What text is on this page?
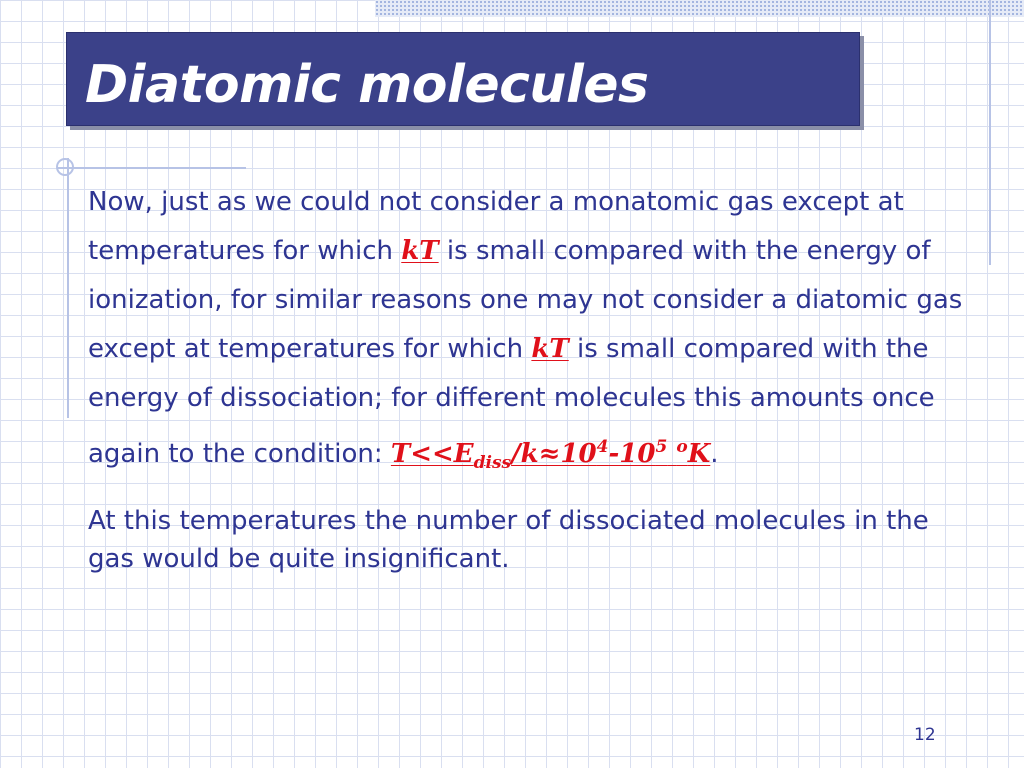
Diatomic molecules

Now, just as we could not consider a monatomic gas except at temperatures for which kT is small compared with the energy of ionization, for similar reasons one may not consider a diatomic gas except at temperatures for which kT is small compared with the energy of dissociation; for different molecules this amounts once again to the condition: $T<<E_{diss}/k\approx 10^4-10^5$ $^o$K.

At this temperatures the number of dissociated molecules in the gas would be quite insignificant.

12
